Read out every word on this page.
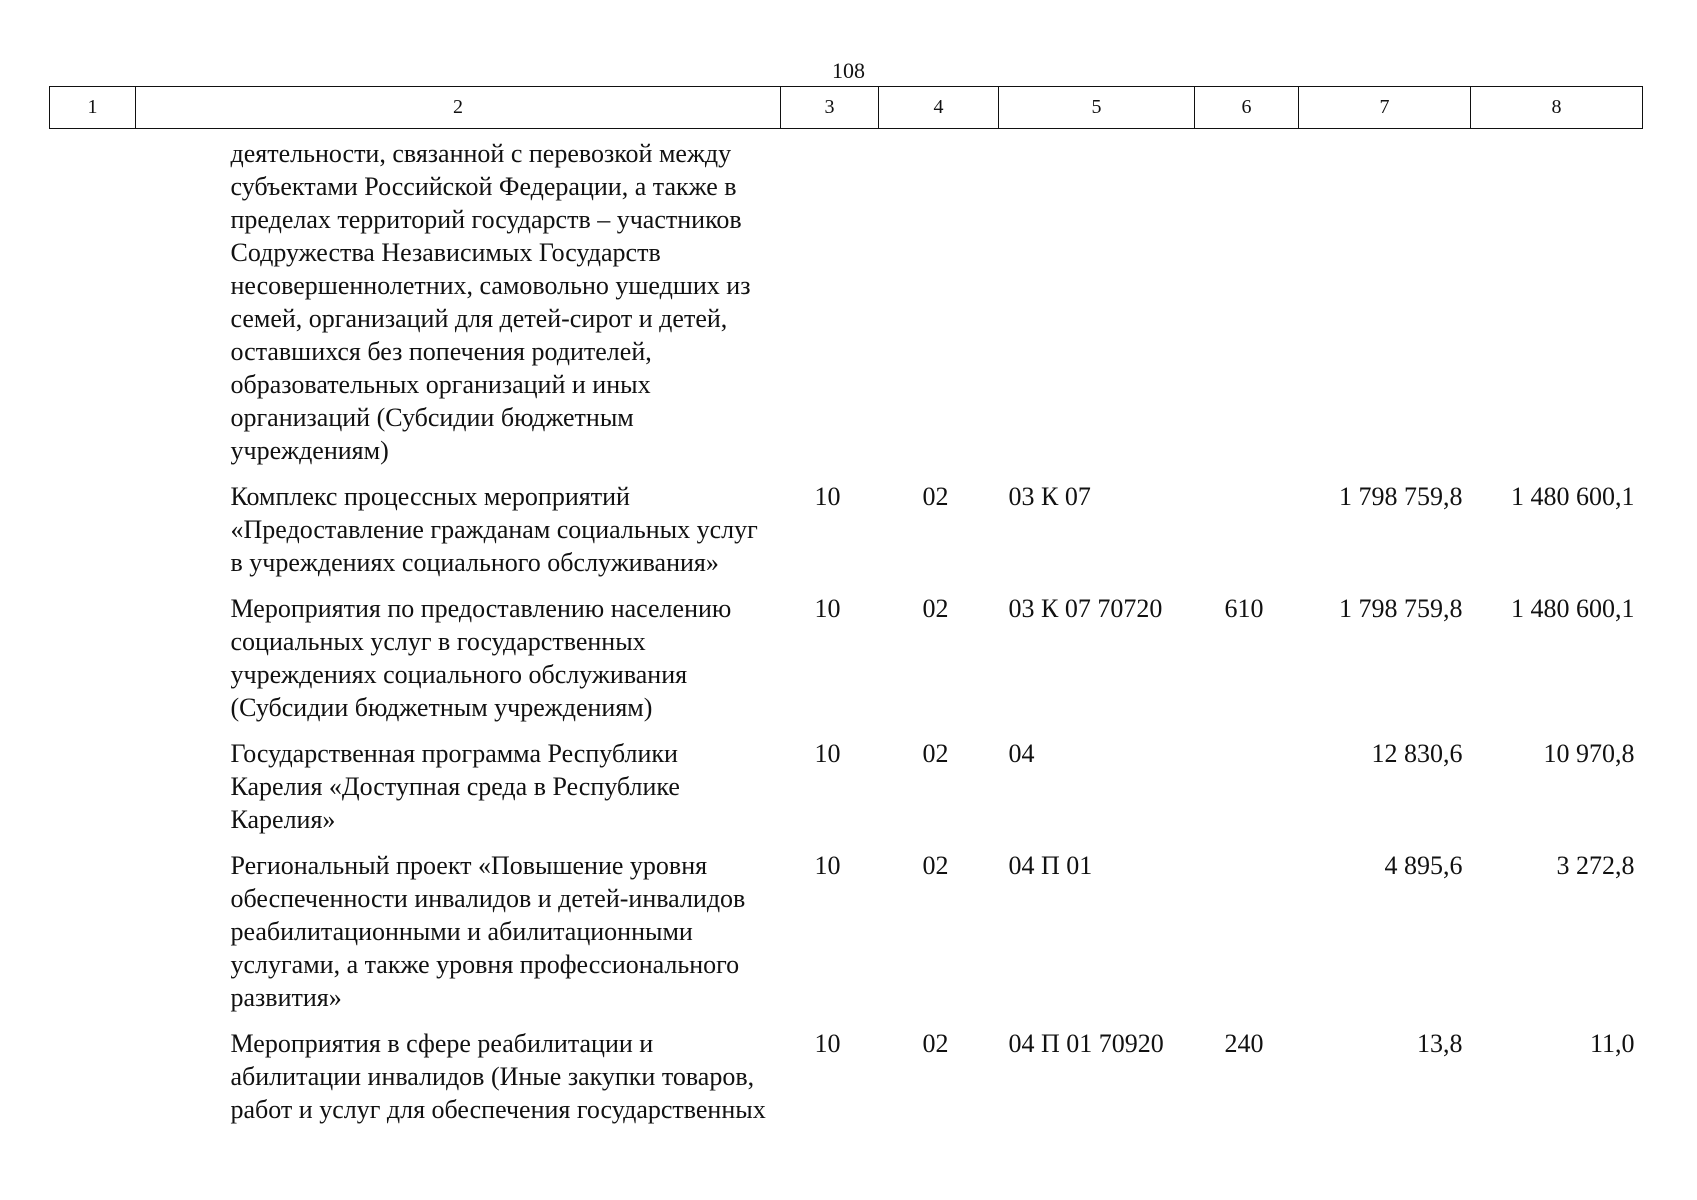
108
1	2	3	4	5	6	7	8
	деятельности, связанной с перевозкой между субъектами Российской Федерации, а также в пределах территорий государств – участников Содружества Независимых Государств несовершеннолетних, самовольно ушедших из семей, организаций для детей-сирот и детей, оставшихся без попечения родителей, образовательных организаций и иных организаций (Субсидии бюджетным учреждениям)						
	Комплекс процессных мероприятий «Предоставление гражданам социальных услуг в учреждениях социального обслуживания»	10	02	03 К 07		1 798 759,8	1 480 600,1
	Мероприятия по предоставлению населению социальных услуг в государственных учреждениях социального обслуживания (Субсидии бюджетным учреждениям)	10	02	03 К 07 70720	610	1 798 759,8	1 480 600,1
	Государственная программа Республики Карелия «Доступная среда в Республике Карелия»	10	02	04		12 830,6	10 970,8
	Региональный проект «Повышение уровня обеспеченности инвалидов и детей-инвалидов реабилитационными и абилитационными услугами, а также уровня профессионального развития»	10	02	04 П 01		4 895,6	3 272,8
	Мероприятия в сфере реабилитации и абилитации инвалидов (Иные закупки товаров, работ и услуг для обеспечения государственных	10	02	04 П 01 70920	240	13,8	11,0
